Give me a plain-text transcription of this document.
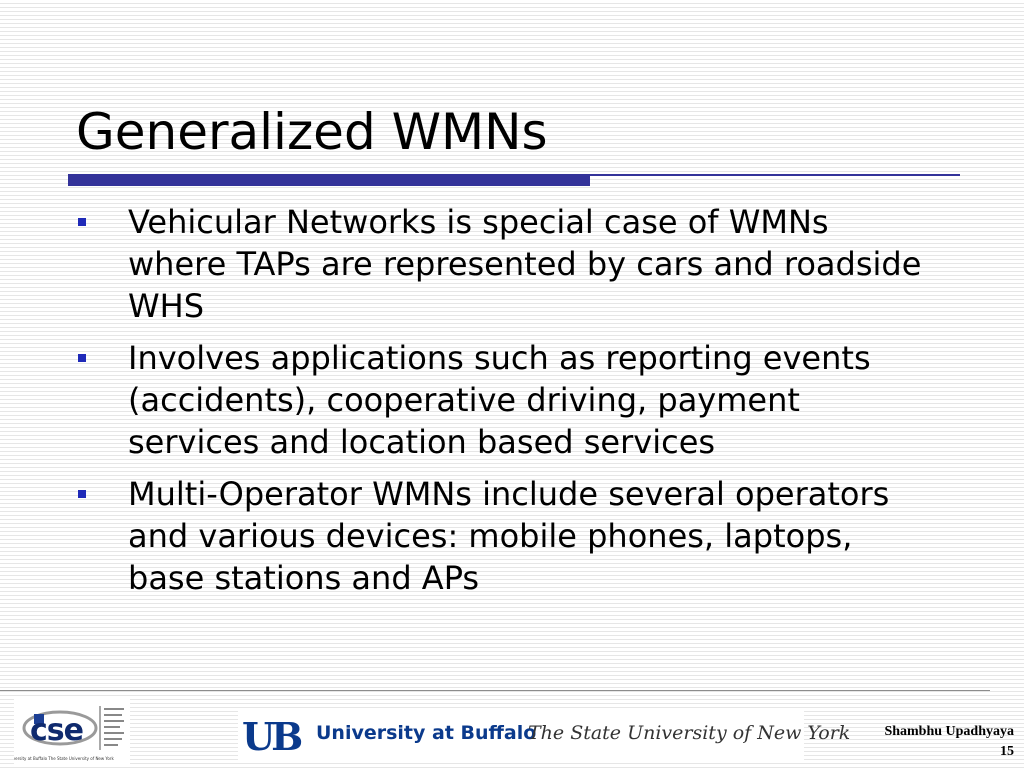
Generalized WMNs
Vehicular Networks is special case of WMNs where TAPs are represented by cars and roadside WHS
Involves applications such as reporting events (accidents), cooperative driving, payment services and location based services
Multi-Operator WMNs include several operators and various devices: mobile phones, laptops, base stations and APs
cse
University at Buffalo The State University of New York	UB University at Buffalo
The State University of New York Shambhu Upadhyaya
15
